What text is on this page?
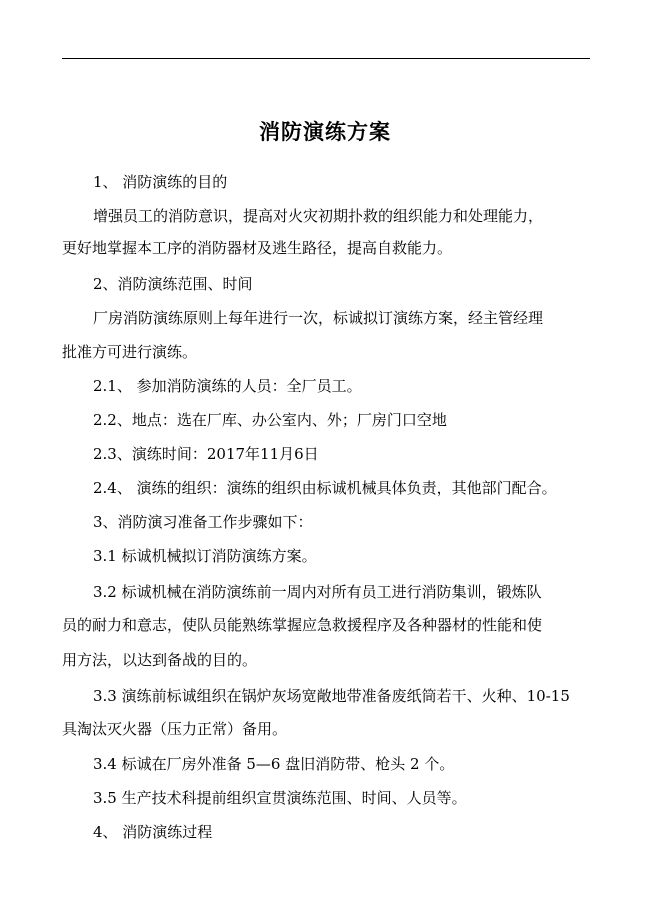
消防演练方案

1、 消防演练的目的

增强员工的消防意识，提高对火灾初期扑救的组织能力和处理能力，

更好地掌握本工序的消防器材及逃生路径，提高自救能力。

2、消防演练范围、时间

厂房消防演练原则上每年进行一次，标诚拟订演练方案，经主管经理

批准方可进行演练。

2.1、 参加消防演练的人员：全厂员工。

2.2、地点：选在厂库、办公室内、外；厂房门口空地

2.3、演练时间：2017年11月6日

2.4、 演练的组织：演练的组织由标诚机械具体负责，其他部门配合。

3、消防演习准备工作步骤如下：

3.1 标诚机械拟订消防演练方案。

3.2 标诚机械在消防演练前一周内对所有员工进行消防集训，锻炼队

员的耐力和意志，使队员能熟练掌握应急救援程序及各种器材的性能和使

用方法，以达到备战的目的。

3.3 演练前标诚组织在锅炉灰场宽敞地带准备废纸筒若干、火种、10-15

具淘汰灭火器（压力正常）备用。

3.4 标诚在厂房外准备 5—6 盘旧消防带、枪头 2 个。

3.5 生产技术科提前组织宣贯演练范围、时间、人员等。

4、 消防演练过程
